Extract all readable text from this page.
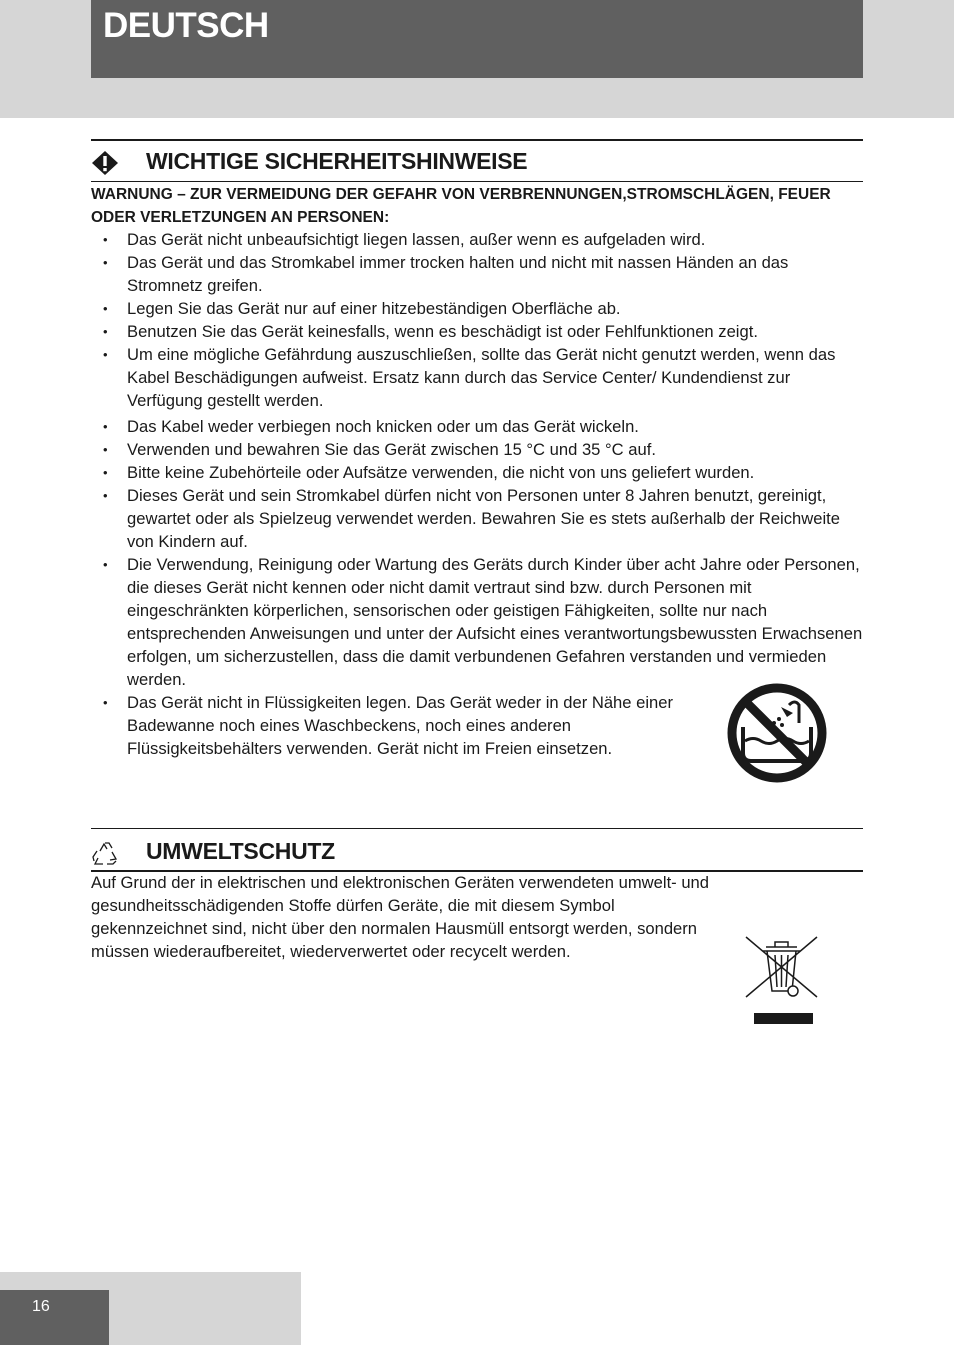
DEUTSCH
WICHTIGE SICHERHEITSHINWEISE
WARNUNG – ZUR VERMEIDUNG DER GEFAHR VON VERBRENNUNGEN,STROMSCHLÄGEN, FEUER ODER VERLETZUNGEN AN PERSONEN:
• Das Gerät nicht unbeaufsichtigt liegen lassen, außer wenn es aufgeladen wird.
• Das Gerät und das Stromkabel immer trocken halten und nicht mit nassen Händen an das Stromnetz greifen.
• Legen Sie das Gerät nur auf einer hitzebeständigen Oberfläche ab.
• Benutzen Sie das Gerät keinesfalls, wenn es beschädigt ist oder Fehlfunktionen zeigt.
• Um eine mögliche Gefährdung auszuschließen, sollte das Gerät nicht genutzt werden, wenn das Kabel Beschädigungen aufweist. Ersatz kann durch das Service Center/ Kundendienst zur Verfügung gestellt werden.
• Das Kabel weder verbiegen noch knicken oder um das Gerät wickeln.
• Verwenden und bewahren Sie das Gerät zwischen 15 °C und 35 °C auf.
• Bitte keine Zubehörteile oder Aufsätze verwenden, die nicht von uns geliefert wurden.
• Dieses Gerät und sein Stromkabel dürfen nicht von Personen unter 8 Jahren benutzt, gereinigt, gewartet oder als Spielzeug verwendet werden. Bewahren Sie es stets außerhalb der Reichweite von Kindern auf.
• Die Verwendung, Reinigung oder Wartung des Geräts durch Kinder über acht Jahre oder Personen, die dieses Gerät nicht kennen oder nicht damit vertraut sind bzw. durch Personen mit eingeschränkten körperlichen, sensorischen oder geistigen Fähigkeiten, sollte nur nach entsprechenden Anweisungen und unter der Aufsicht eines verantwortungsbewussten Erwachsenen erfolgen, um sicherzustellen, dass die damit verbundenen Gefahren verstanden und vermieden werden.
• Das Gerät nicht in Flüssigkeiten legen. Das Gerät weder in der Nähe einer Badewanne noch eines Waschbeckens, noch eines anderen Flüssigkeitsbehälters verwenden. Gerät nicht im Freien einsetzen.
UMWELTSCHUTZ

Auf Grund der in elektrischen und elektronischen Geräten verwendeten umwelt- und gesundheitsschädigenden Stoffe dürfen Geräte, die mit diesem Symbol gekennzeichnet sind, nicht über den normalen Hausmüll entsorgt werden, sondern müssen wiederaufbereitet, wiederverwertet oder recycelt werden.

16
